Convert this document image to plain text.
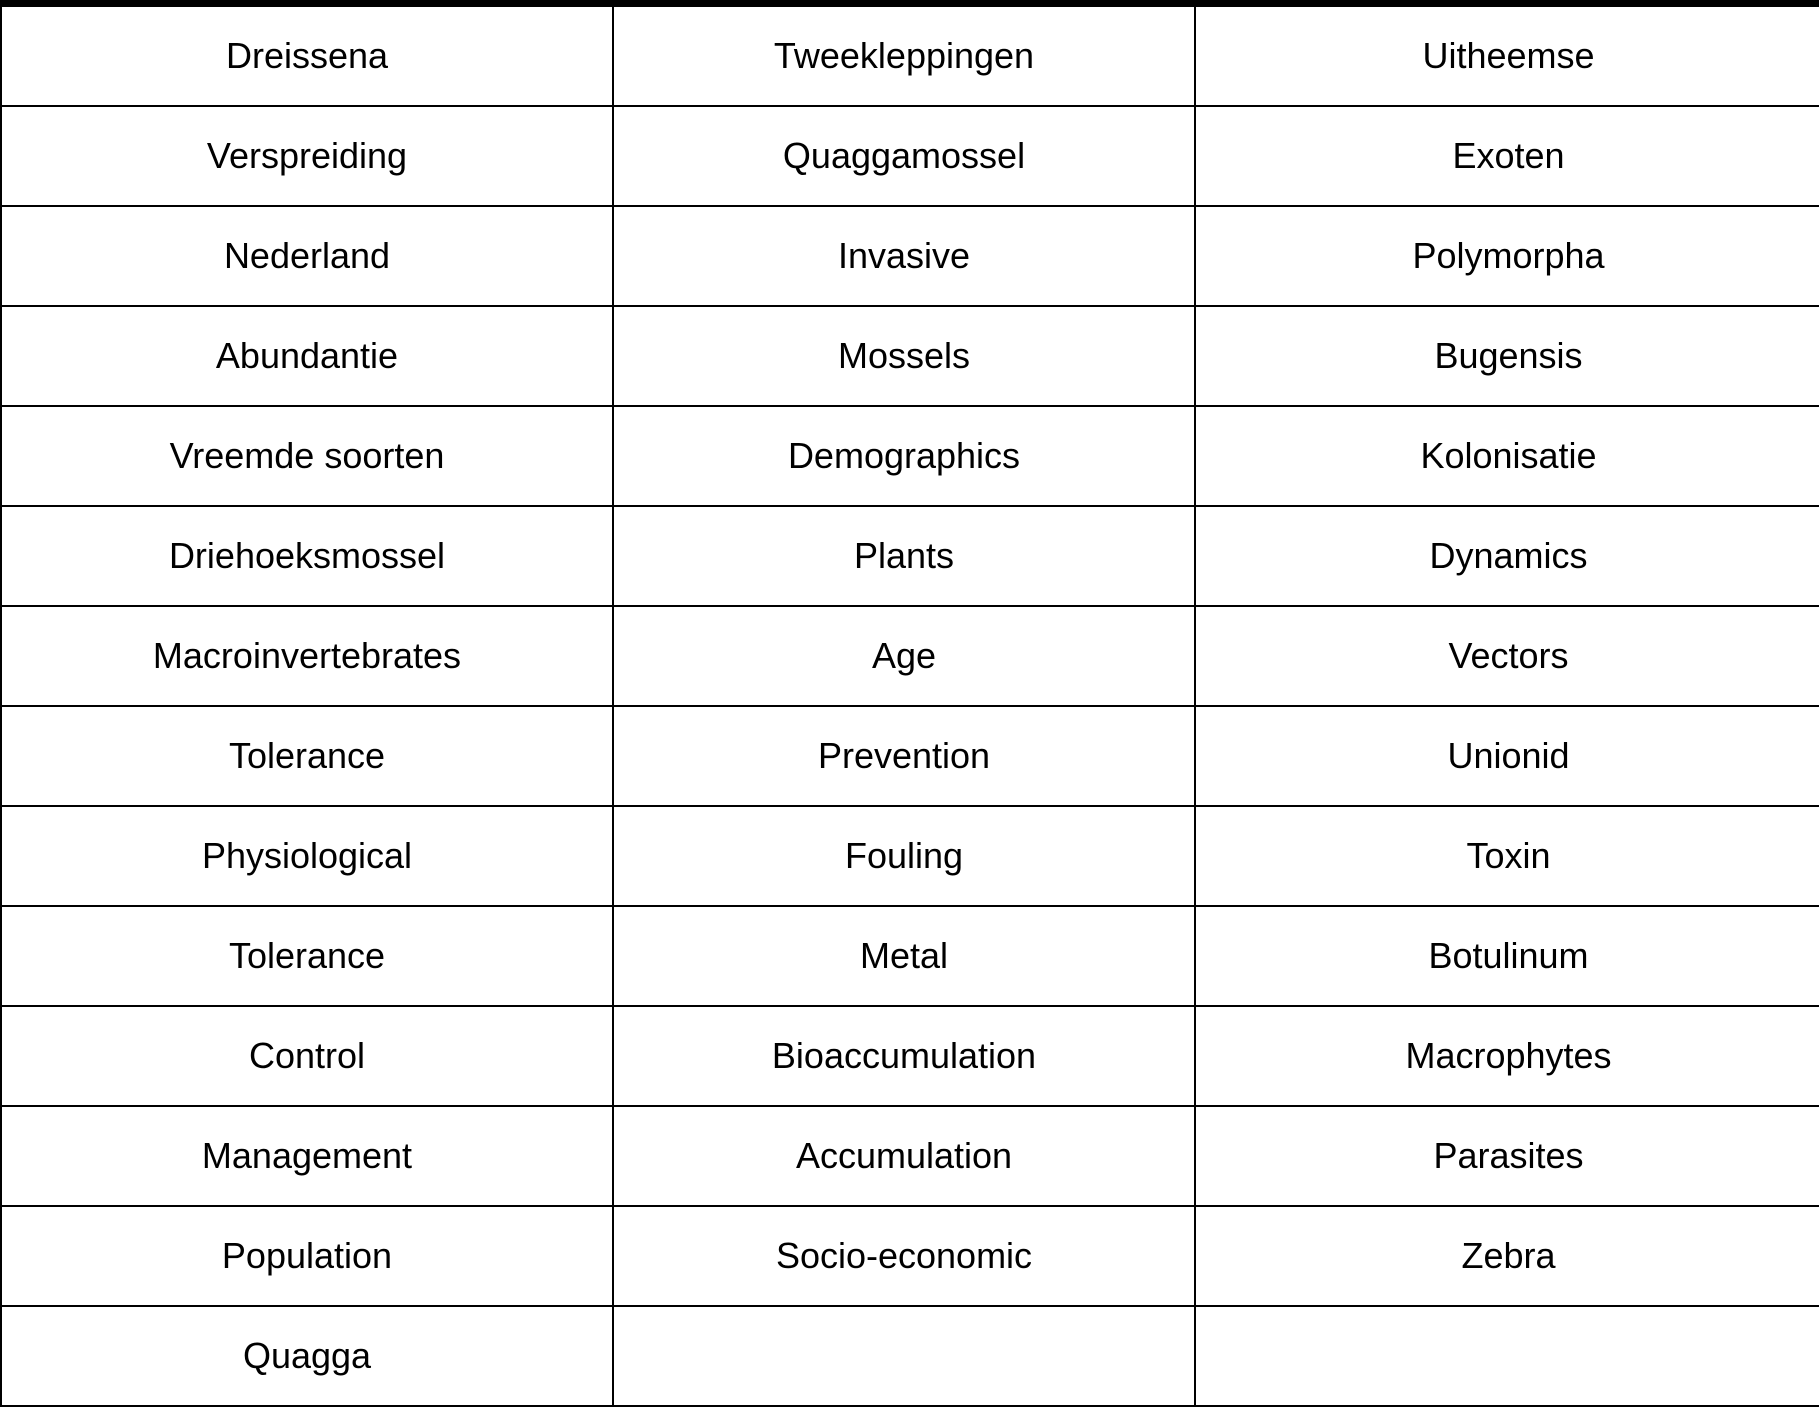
Dreissena	Tweekleppingen	Uitheemse
Verspreiding	Quaggamossel	Exoten
Nederland	Invasive	Polymorpha
Abundantie	Mossels	Bugensis
Vreemde soorten	Demographics	Kolonisatie
Driehoeksmossel	Plants	Dynamics
Macroinvertebrates	Age	Vectors
Tolerance	Prevention	Unionid
Physiological	Fouling	Toxin
Tolerance	Metal	Botulinum
Control	Bioaccumulation	Macrophytes
Management	Accumulation	Parasites
Population	Socio-economic	Zebra
Quagga		
